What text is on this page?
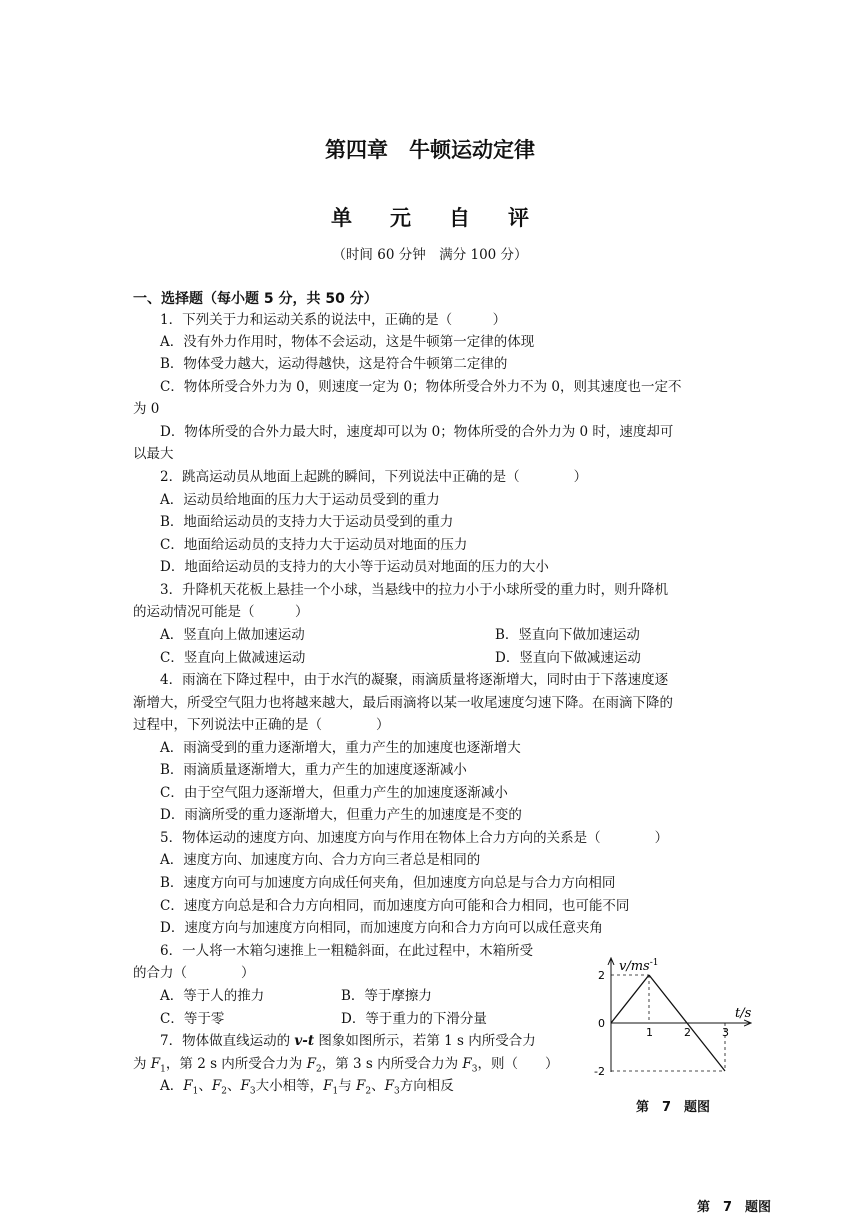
第四章　牛顿运动定律
单 元 自 评
（时间 60 分钟　满分 100 分）
一、选择题（每小题 5 分，共 50 分）
1．下列关于力和运动关系的说法中，正确的是（　　　）
A．没有外力作用时，物体不会运动，这是牛顿第一定律的体现
B．物体受力越大，运动得越快，这是符合牛顿第二定律的
C．物体所受合外力为 0，则速度一定为 0；物体所受合外力不为 0，则其速度也一定不
为 0
D．物体所受的合外力最大时，速度却可以为 0；物体所受的合外力为 0 时，速度却可
以最大
2．跳高运动员从地面上起跳的瞬间，下列说法中正确的是（　　　　）
A．运动员给地面的压力大于运动员受到的重力
B．地面给运动员的支持力大于运动员受到的重力
C．地面给运动员的支持力大于运动员对地面的压力
D．地面给运动员的支持力的大小等于运动员对地面的压力的大小
3．升降机天花板上悬挂一个小球，当悬线中的拉力小于小球所受的重力时，则升降机
的运动情况可能是（　　　）
A．竖直向上做加速运动	B．竖直向下做加速运动
C．竖直向上做减速运动	D．竖直向下做减速运动
4．雨滴在下降过程中，由于水汽的凝聚，雨滴质量将逐渐增大，同时由于下落速度逐
渐增大，所受空气阻力也将越来越大，最后雨滴将以某一收尾速度匀速下降。在雨滴下降的
过程中，下列说法中正确的是（　　　　）
A．雨滴受到的重力逐渐增大，重力产生的加速度也逐渐增大
B．雨滴质量逐渐增大，重力产生的加速度逐渐减小
C．由于空气阻力逐渐增大，但重力产生的加速度逐渐减小
D．雨滴所受的重力逐渐增大，但重力产生的加速度是不变的
5．物体运动的速度方向、加速度方向与作用在物体上合力方向的关系是（　　　　）
A．速度方向、加速度方向、合力方向三者总是相同的
B．速度方向可与加速度方向成任何夹角，但加速度方向总是与合力方向相同
C．速度方向总是和合力方向相同，而加速度方向可能和合力相同，也可能不同
D．速度方向与加速度方向相同，而加速度方向和合力方向可以成任意夹角
6．一人将一木箱匀速推上一粗糙斜面，在此过程中，木箱所受
的合力（　　　　）
A．等于人的推力	B．等于摩擦力
C．等于零	D．等于重力的下滑分量
7．物体做直线运动的 v-t 图象如图所示，若第 1 s 内所受合力
为 $F_1$，第 2 s 内所受合力为 $F_2$，第 3 s 内所受合力为 $F_3$，则（　　）
A．$F_1$、$F_2$、$F_3$大小相等，$F_1$与 $F_2$、$F_3$方向相反
2
0
-2
1	2	3
$v/ms^{-1}$
t/s
第　7　题图
第　7　题图
